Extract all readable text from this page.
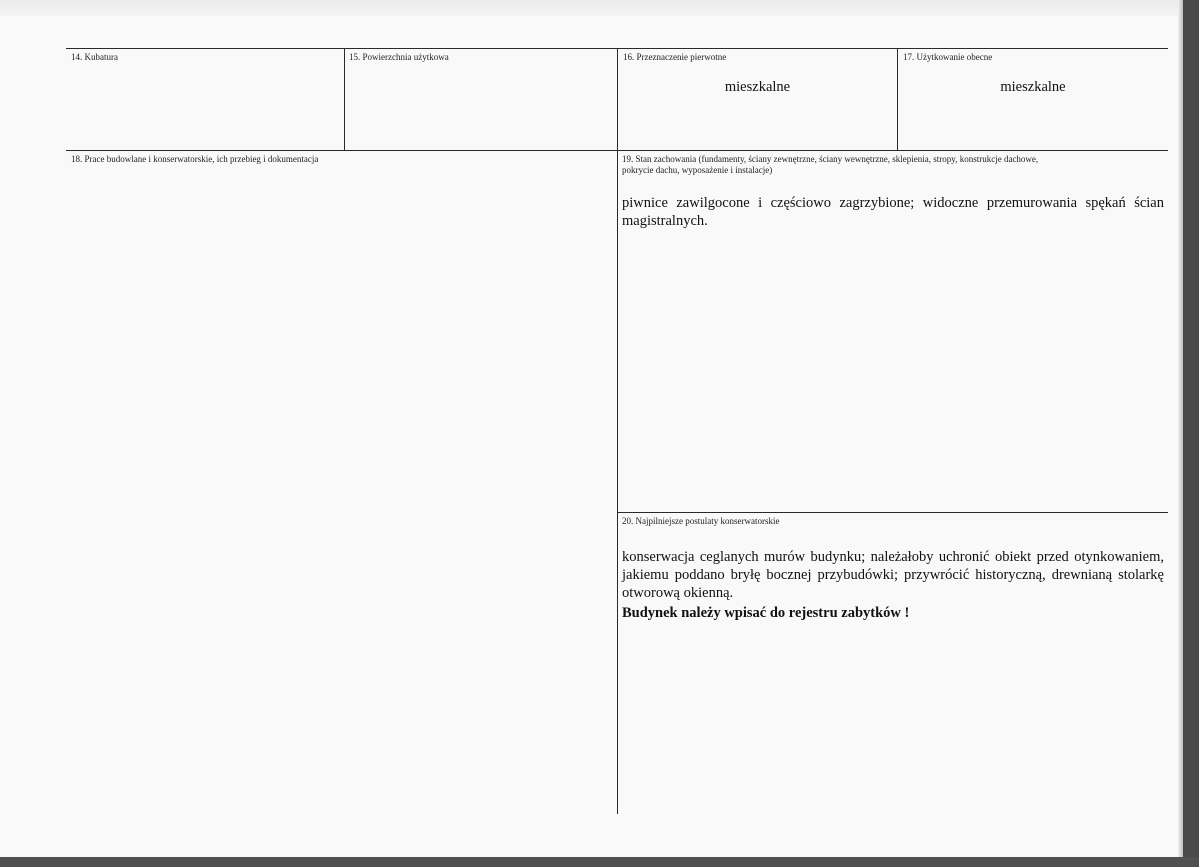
14. Kubatura	15. Powierzchnia użytkowa	16. Przeznaczenie pierwotne
mieszkalne
17. Użytkowanie obecne
mieszkalne
18. Prace budowlane i konserwatorskie, ich przebieg i dokumentacja	19. Stan zachowania (fundamenty, ściany zewnętrzne, ściany wewnętrzne, sklepienia, stropy, konstrukcje dachowe,
pokrycie dachu, wyposażenie i instalacje)
piwnice zawilgocone i częściowo zagrzybione; widoczne przemurowania spękań ścian magistralnych.
20. Najpilniejsze postulaty konserwatorskie
konserwacja ceglanych murów budynku; należałoby uchronić obiekt przed otynkowaniem, jakiemu poddano bryłę bocznej przybudówki; przywrócić historyczną, drewnianą stolarkę otworową okienną.
Budynek należy wpisać do rejestru zabytków !
